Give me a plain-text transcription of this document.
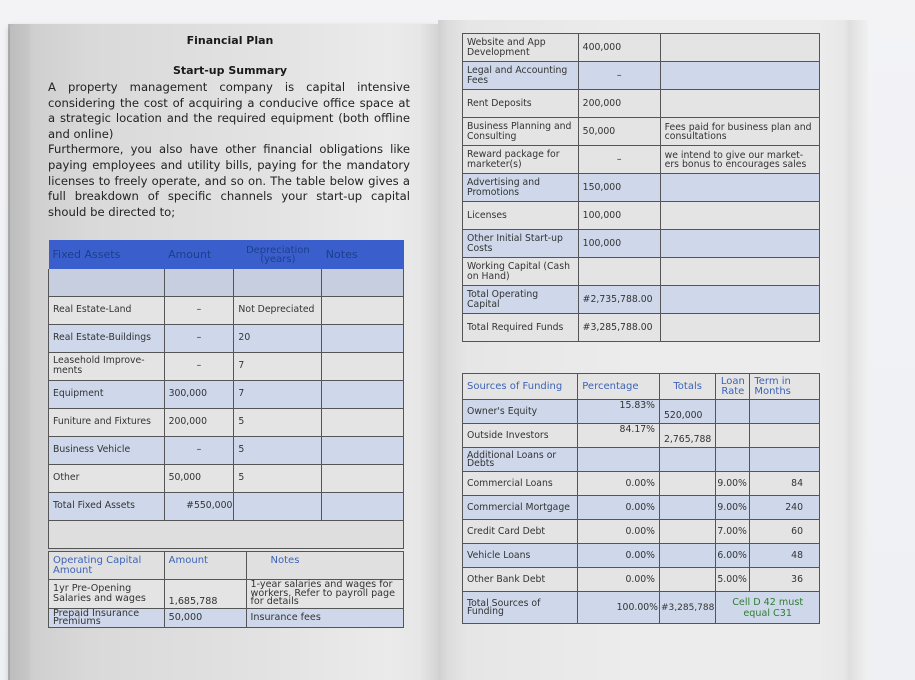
Financial Plan
Start-up Summary

A property management company is capital intensive considering the cost of acquiring a conducive office space at a strategic location and the required equipment (both offline and online)

Furthermore, you also have other financial obligations like paying employees and utility bills, paying for the mandatory licenses to freely operate, and so on. The table below gives a full breakdown of specific channels your start-up capital should be directed to;

Fixed Assets	Amount	Depreciation (years)	Notes

Real Estate-Land	–	Not Depreciated	
Real Estate-Buildings	–	20	
Leasehold Improve-ments	–	7	
Equipment	300,000	7	
Funiture and Fixtures	200,000	5	
Business Vehicle	–	5	
Other	50,000	5	
Total Fixed Assets	#550,000		

Operating Capital Amount	Amount	Notes
1yr Pre-Opening Salaries and wages	1,685,788	1-year salaries and wages for workers. Refer to payroll page for details
Prepaid Insurance Premiums	50,000	Insurance fees
Website and App Development	400,000	
Legal and Accounting Fees	–	
Rent Deposits	200,000	
Business Planning and Consulting	50,000	Fees paid for business plan and consultations
Reward package for marketer(s)	–	we intend to give our market-ers bonus to encourages sales
Advertising and Promotions	150,000	
Licenses	100,000	
Other Initial Start-up Costs	100,000	
Working Capital (Cash on Hand)		
Total Operating Capital	#2,735,788.00	
Total Required Funds	#3,285,788.00	
Sources of Funding	Percentage	Totals	Loan Rate	Term in Months
Owner's Equity	15.83%	520,000		
Outside Investors	84.17%	2,765,788		
Additional Loans or Debts				
Commercial Loans	0.00%		9.00%	84
Commercial Mortgage	0.00%		9.00%	240
Credit Card Debt	0.00%		7.00%	60
Vehicle Loans	0.00%		6.00%	48
Other Bank Debt	0.00%		5.00%	36
Total Sources of Funding	100.00%	#3,285,788	Cell D 42 must equal C31	
